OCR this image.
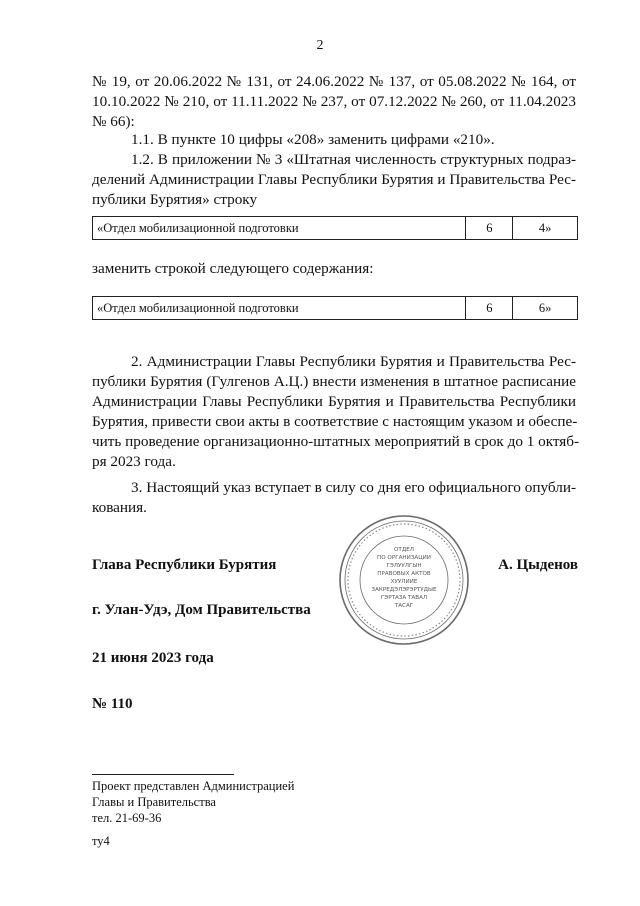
2
№ 19, от 20.06.2022 № 131, от 24.06.2022 № 137, от 05.08.2022 № 164, от
10.10.2022 № 210, от 11.11.2022 № 237, от 07.12.2022 № 260, от 11.04.2023
№ 66):
1.1. В пункте 10 цифры «208» заменить цифрами «210».
1.2. В приложении № 3 «Штатная численность структурных подраз-
делений Администрации Главы Республики Бурятия и Правительства Рес-
публики Бурятия» строку
«Отдел мобилизационной подготовки	6	4»
заменить строкой следующего содержания:
«Отдел мобилизационной подготовки	6	6»
2. Администрации Главы Республики Бурятия и Правительства Рес-
публики Бурятия (Гулгенов А.Ц.) внести изменения в штатное расписание
Администрации Главы Республики Бурятия и Правительства Республики
Бурятия, привести свои акты в соответствие с настоящим указом и обеспе-
чить проведение организационно-штатных мероприятий в срок до 1 октяб-
ря 2023 года.
3. Настоящий указ вступает в силу со дня его официального опубли-
кования.
ОТДЕЛ
ПО ОРГАНИЗАЦИИ
ГЭЛУУЛГЫН
ПРАВОВЫХ АКТОВ
ХУУЛИИЕ
ЗАКРЕДЭЛЭРЭРТУДЫЕ
ГЭРТАЗА ТАВАЛ
ТАСАГ
Глава Республики Бурятия	А. Цыденов
г. Улан-Удэ, Дом Правительства
21 июня 2023 года
№ 110
Проект представлен Администрацией
Главы и Правительства
тел. 21-69-36
ту4
